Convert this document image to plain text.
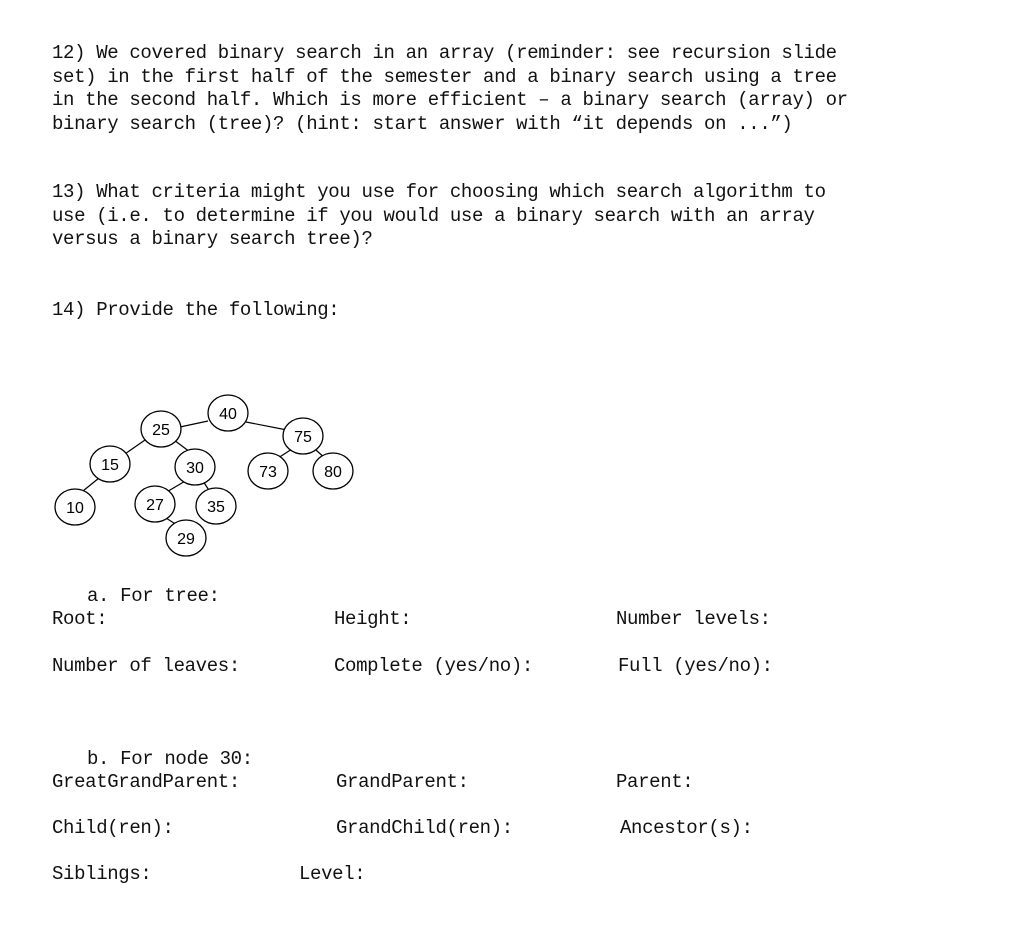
12) We covered binary search in an array (reminder: see recursion slide
set) in the first half of the semester and a binary search using a tree
in the second half. Which is more efficient – a binary search (array) or
binary search (tree)? (hint: start answer with “it depends on ...”)
13) What criteria might you use for choosing which search algorithm to
use (i.e. to determine if you would use a binary search with an array
versus a binary search tree)?
14) Provide the following:
40
25	75
15	30	73	80
10	27	35
29
a. For tree:
Root:	Height:	Number levels:
Number of leaves:	Complete (yes/no):	Full (yes/no):
b. For node 30:
GreatGrandParent:	GrandParent:	Parent:
Child(ren):	GrandChild(ren):	Ancestor(s):
Siblings:	Level:
